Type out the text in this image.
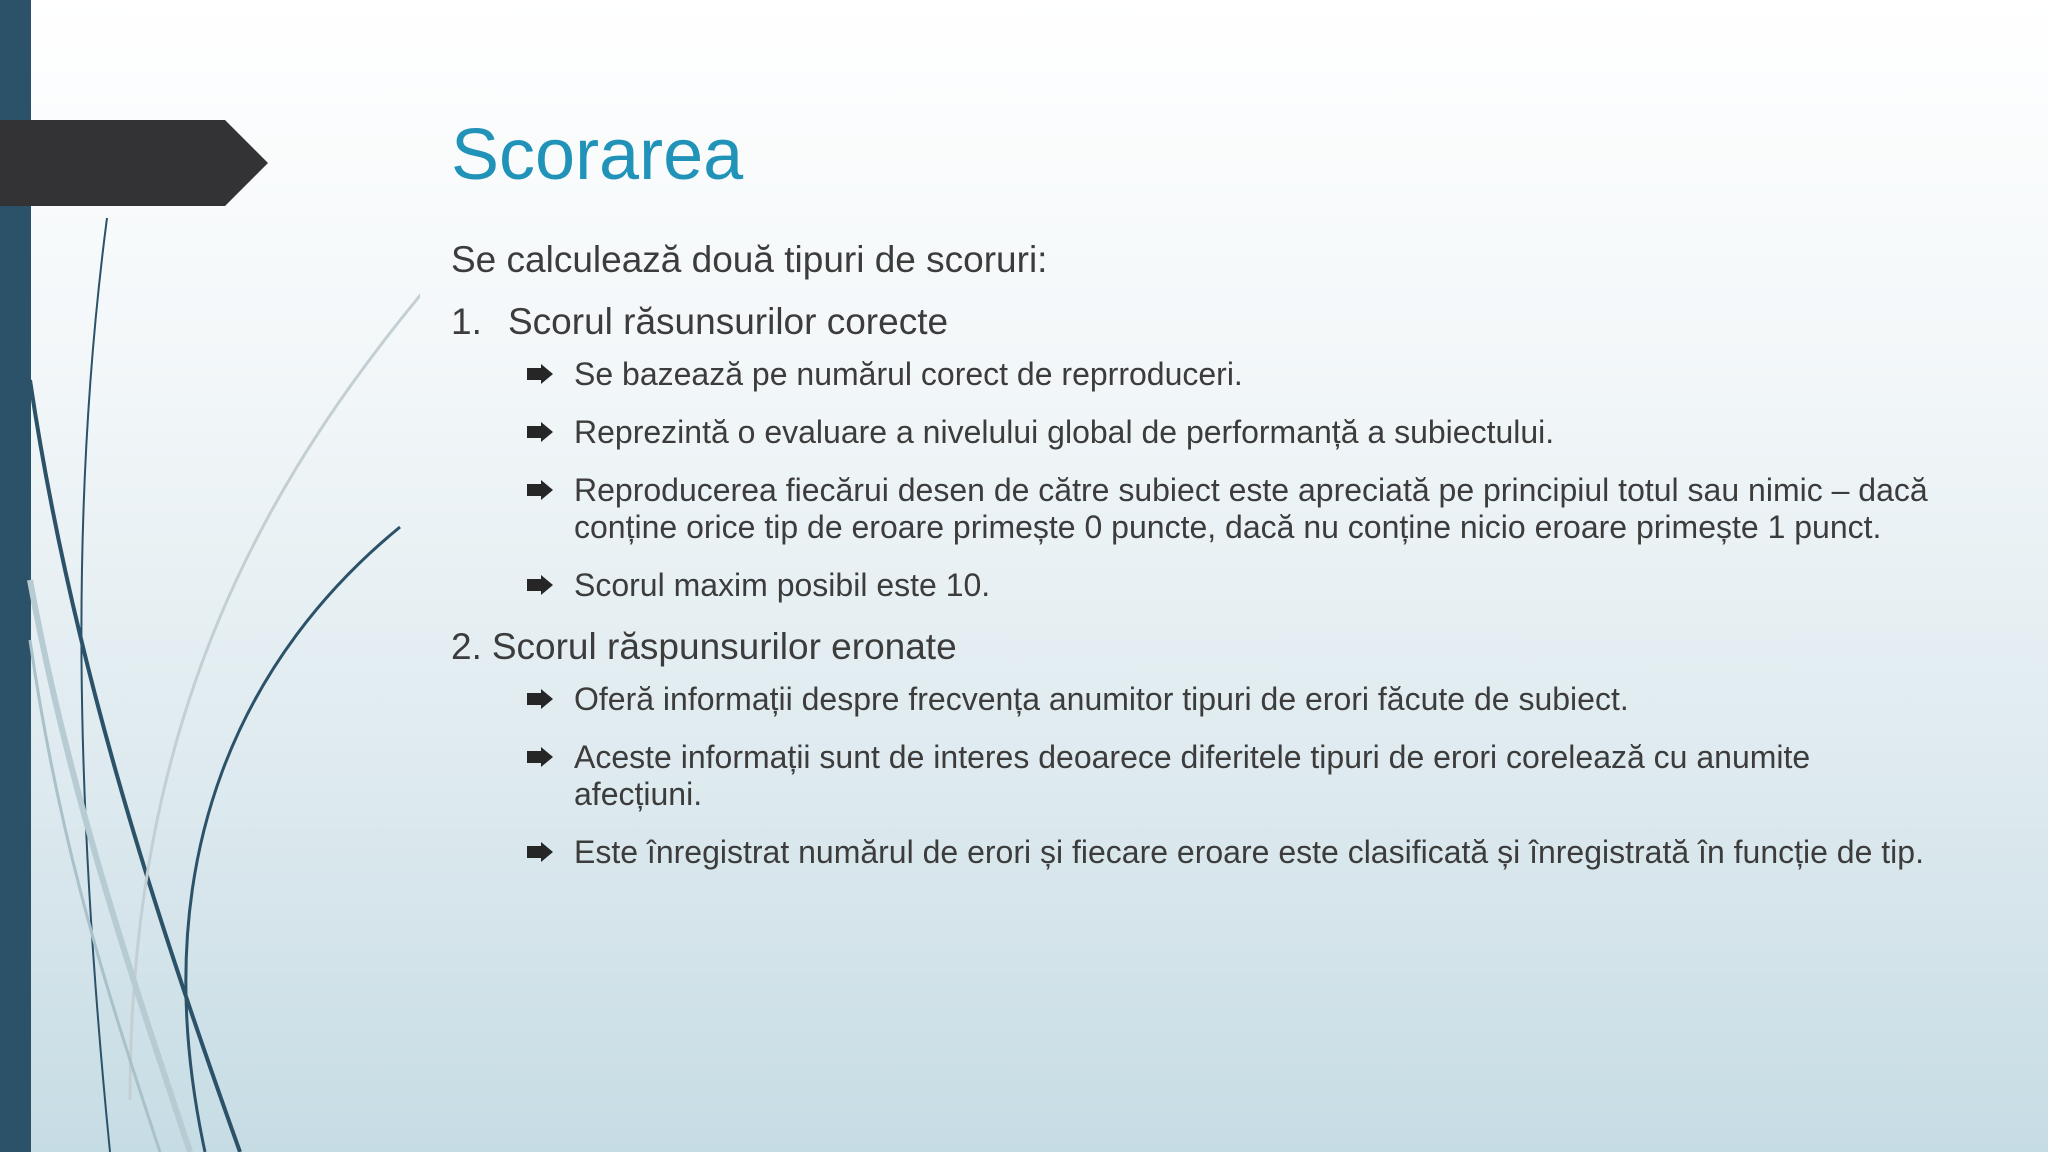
Scorarea

Se calculează două tipuri de scoruri:

1. Scorul răsunsurilor corecte
Se bazează pe numărul corect de reprroduceri.
Reprezintă o evaluare a nivelului global de performanță a subiectului.
Reproducerea fiecărui desen de către subiect este apreciată pe principiul totul sau nimic – dacă conține orice tip de eroare primește 0 puncte, dacă nu conține nicio eroare primește 1 punct.
Scorul maxim posibil este 10.
2. Scorul răspunsurilor eronate
Oferă informații despre frecvența anumitor tipuri de erori făcute de subiect.
Aceste informații sunt de interes deoarece diferitele tipuri de erori corelează cu anumite afecțiuni.
Este înregistrat numărul de erori și fiecare eroare este clasificată și înregistrată în funcție de tip.
